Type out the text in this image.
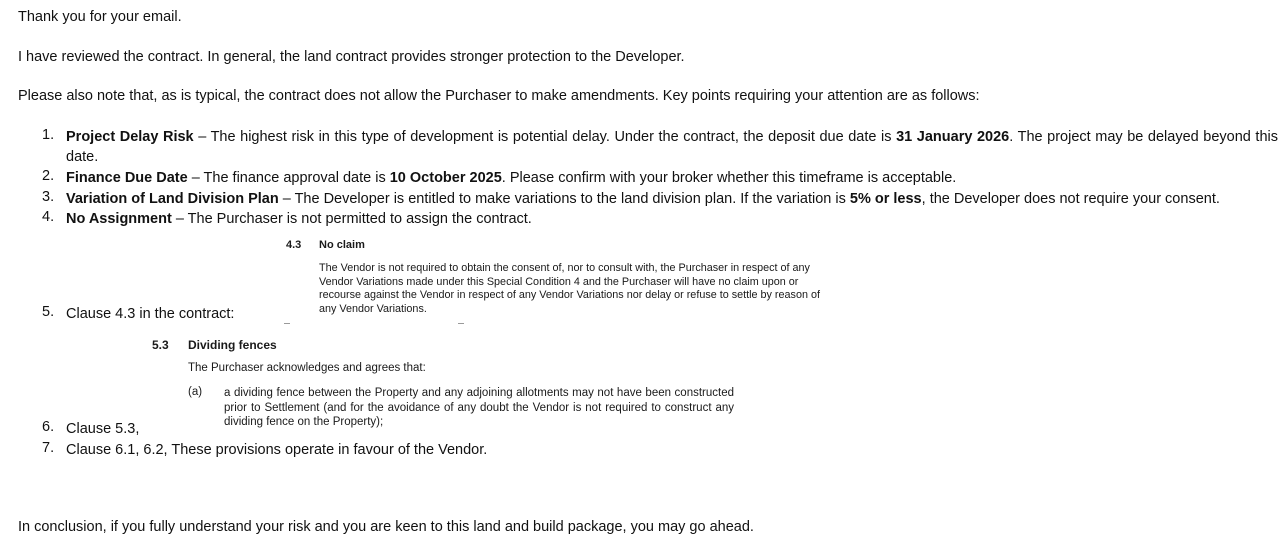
Thank you for your email.
I have reviewed the contract. In general, the land contract provides stronger protection to the Developer.
Please also note that, as is typical, the contract does not allow the Purchaser to make amendments. Key points requiring your attention are as follows:
1. Project Delay Risk – The highest risk in this type of development is potential delay. Under the contract, the deposit due date is 31 January 2026. The project may be delayed beyond this date.
2. Finance Due Date – The finance approval date is 10 October 2025. Please confirm with your broker whether this timeframe is acceptable.
3. Variation of Land Division Plan – The Developer is entitled to make variations to the land division plan. If the variation is 5% or less, the Developer does not require your consent.
4. No Assignment – The Purchaser is not permitted to assign the contract.
4.3 No claim
The Vendor is not required to obtain the consent of, nor to consult with, the Purchaser in respect of any Vendor Variations made under this Special Condition 4 and the Purchaser will have no claim upon or recourse against the Vendor in respect of any Vendor Variations nor delay or refuse to settle by reason of any Vendor Variations.
5. Clause 4.3 in the contract:
5.3 Dividing fences
The Purchaser acknowledges and agrees that:
(a) a dividing fence between the Property and any adjoining allotments may not have been constructed prior to Settlement (and for the avoidance of any doubt the Vendor is not required to construct any dividing fence on the Property);
6. Clause 5.3,
7. Clause 6.1, 6.2, These provisions operate in favour of the Vendor.
In conclusion, if you fully understand your risk and you are keen to this land and build package, you may go ahead.
